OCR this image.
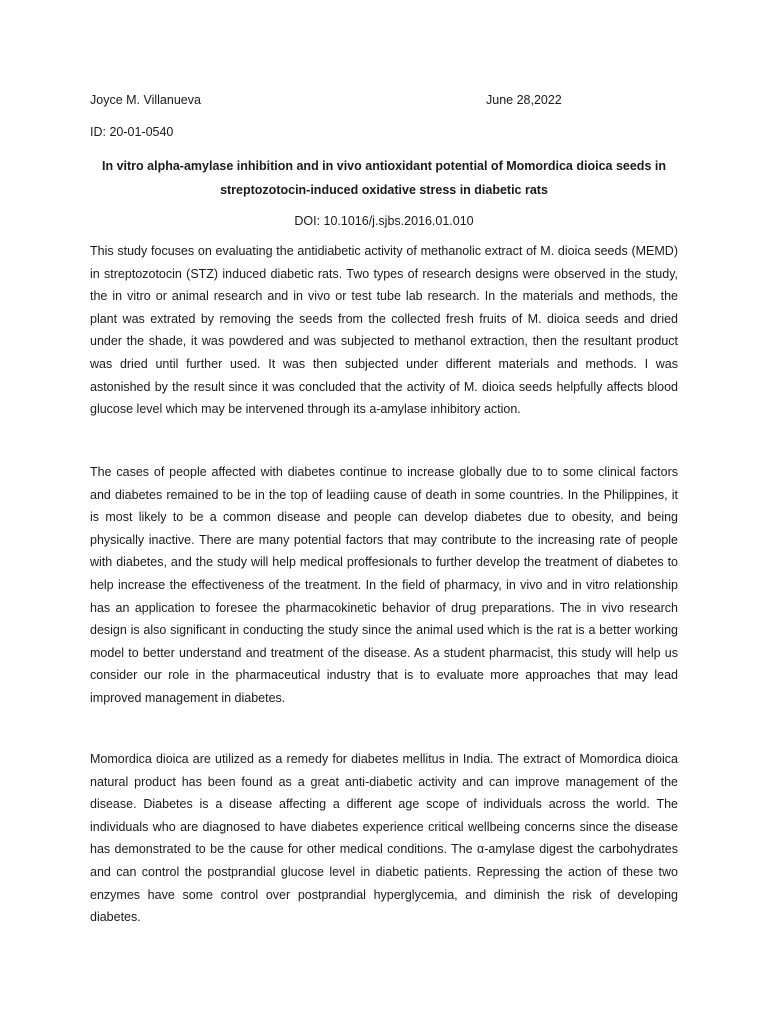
Joyce M. Villanueva	June 28,2022
ID: 20-01-0540
In vitro alpha-amylase inhibition and in vivo antioxidant potential of Momordica dioica seeds in streptozotocin-induced oxidative stress in diabetic rats
DOI: 10.1016/j.sjbs.2016.01.010

This study focuses on evaluating the antidiabetic activity of methanolic extract of M. dioica seeds (MEMD) in streptozotocin (STZ) induced diabetic rats. Two types of research designs were observed in the study, the in vitro or animal research and in vivo or test tube lab research. In the materials and methods, the plant was extrated by removing the seeds from the collected fresh fruits of M. dioica seeds and dried under the shade, it was powdered and was subjected to methanol extraction, then the resultant product was dried until further used. It was then subjected under different materials and methods. I was astonished by the result since it was concluded that the activity of M. dioica seeds helpfully affects blood glucose level which may be intervened through its a-amylase inhibitory action.

The cases of people affected with diabetes continue to increase globally due to to some clinical factors and diabetes remained to be in the top of leadiing cause of death in some countries. In the Philippines, it is most likely to be a common disease and people can develop diabetes due to obesity, and being physically inactive. There are many potential factors that may contribute to the increasing rate of people with diabetes, and the study will help medical proffesionals to further develop the treatment of diabetes to help increase the effectiveness of the treatment. In the field of pharmacy, in vivo and in vitro relationship has an application to foresee the pharmacokinetic behavior of drug preparations. The in vivo research design is also significant in conducting the study since the animal used which is the rat is a better working model to better understand and treatment of the disease. As a student pharmacist, this study will help us consider our role in the pharmaceutical industry that is to evaluate more approaches that may lead improved management in diabetes.

Momordica dioica are utilized as a remedy for diabetes mellitus in India. The extract of Momordica dioica natural product has been found as a great anti-diabetic activity and can improve management of the disease. Diabetes is a disease affecting a different age scope of individuals across the world. The individuals who are diagnosed to have diabetes experience critical wellbeing concerns since the disease has demonstrated to be the cause for other medical conditions. The α-amylase digest the carbohydrates and can control the postprandial glucose level in diabetic patients. Repressing the action of these two enzymes have some control over postprandial hyperglycemia, and diminish the risk of developing diabetes.
